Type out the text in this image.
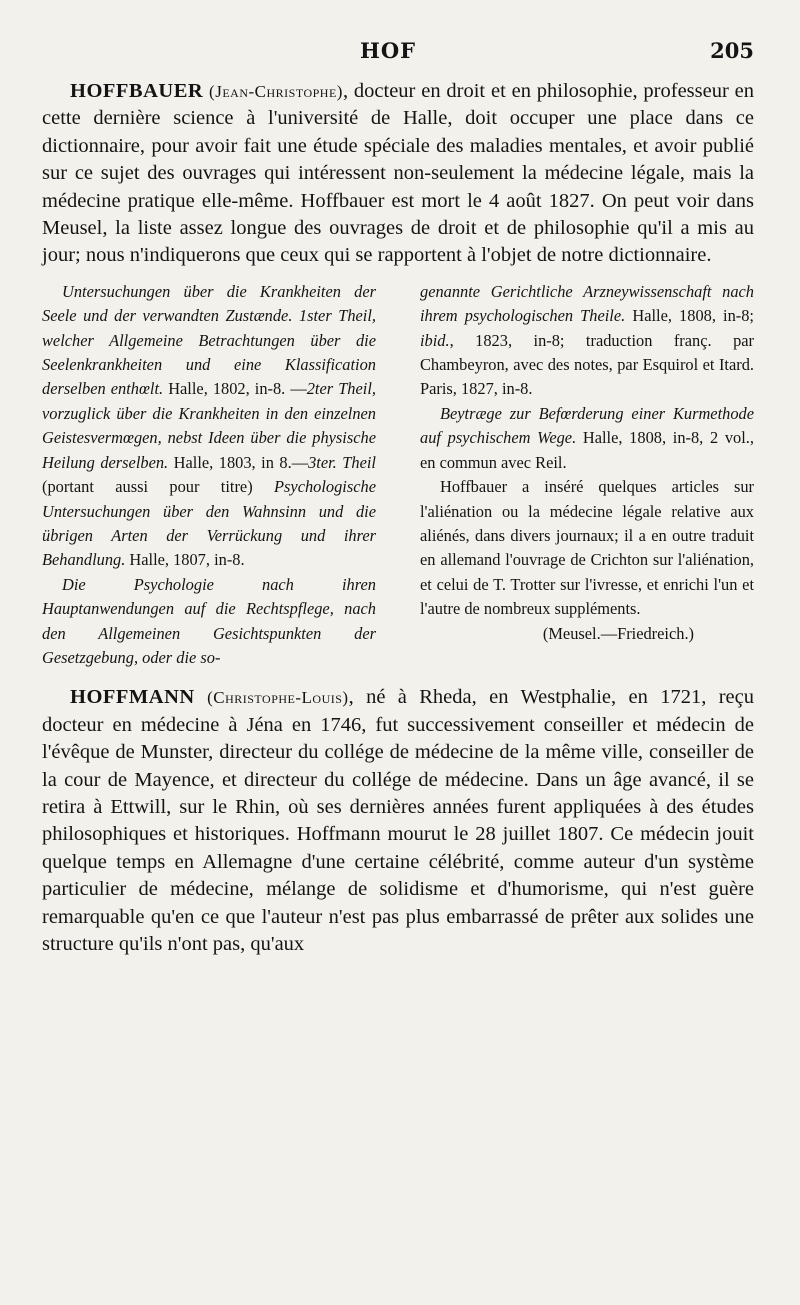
HOF	205

HOFFBAUER (Jean-Christophe), docteur en droit et en philosophie, professeur en cette dernière science à l'université de Halle, doit occuper une place dans ce dictionnaire, pour avoir fait une étude spéciale des maladies mentales, et avoir publié sur ce sujet des ouvrages qui intéressent non-seulement la médecine légale, mais la médecine pratique elle-même. Hoffbauer est mort le 4 août 1827. On peut voir dans Meusel, la liste assez longue des ouvrages de droit et de philosophie qu'il a mis au jour; nous n'indiquerons que ceux qui se rapportent à l'objet de notre dictionnaire.

Untersuchungen über die Krankheiten der Seele und der verwandten Zustænde. 1ster Theil, welcher Allgemeine Betrachtungen über die Seelenkrankheiten und eine Klassification derselben enthœlt. Halle, 1802, in-8. —2ter Theil, vorzuglick über die Krankheiten in den einzelnen Geistesvermœgen, nebst Ideen über die physische Heilung derselben. Halle, 1803, in 8.—3ter. Theil (portant aussi pour titre) Psychologische Untersuchungen über den Wahnsinn und die übrigen Arten der Verrückung und ihrer Behandlung. Halle, 1807, in-8.

Die Psychologie nach ihren Hauptanwendungen auf die Rechtspflege, nach den Allgemeinen Gesichtspunkten der Gesetzgebung, oder die so-

genannte Gerichtliche Arzneywissenschaft nach ihrem psychologischen Theile. Halle, 1808, in-8; ibid., 1823, in-8; traduction franç. par Chambeyron, avec des notes, par Esquirol et Itard. Paris, 1827, in-8.

Beytræge zur Befœrderung einer Kurmethode auf psychischem Wege. Halle, 1808, in-8, 2 vol., en commun avec Reil.

Hoffbauer a inséré quelques articles sur l'aliénation ou la médecine légale relative aux aliénés, dans divers journaux; il a en outre traduit en allemand l'ouvrage de Crichton sur l'aliénation, et celui de T. Trotter sur l'ivresse, et enrichi l'un et l'autre de nombreux suppléments.

(Meusel.—Friedreich.)

HOFFMANN (Christophe-Louis), né à Rheda, en Westphalie, en 1721, reçu docteur en médecine à Jéna en 1746, fut successivement conseiller et médecin de l'évêque de Munster, directeur du collége de médecine de la même ville, conseiller de la cour de Mayence, et directeur du collége de médecine. Dans un âge avancé, il se retira à Ettwill, sur le Rhin, où ses dernières années furent appliquées à des études philosophiques et historiques. Hoffmann mourut le 28 juillet 1807. Ce médecin jouit quelque temps en Allemagne d'une certaine célébrité, comme auteur d'un système particulier de médecine, mélange de solidisme et d'humorisme, qui n'est guère remarquable qu'en ce que l'auteur n'est pas plus embarrassé de prêter aux solides une structure qu'ils n'ont pas, qu'aux
